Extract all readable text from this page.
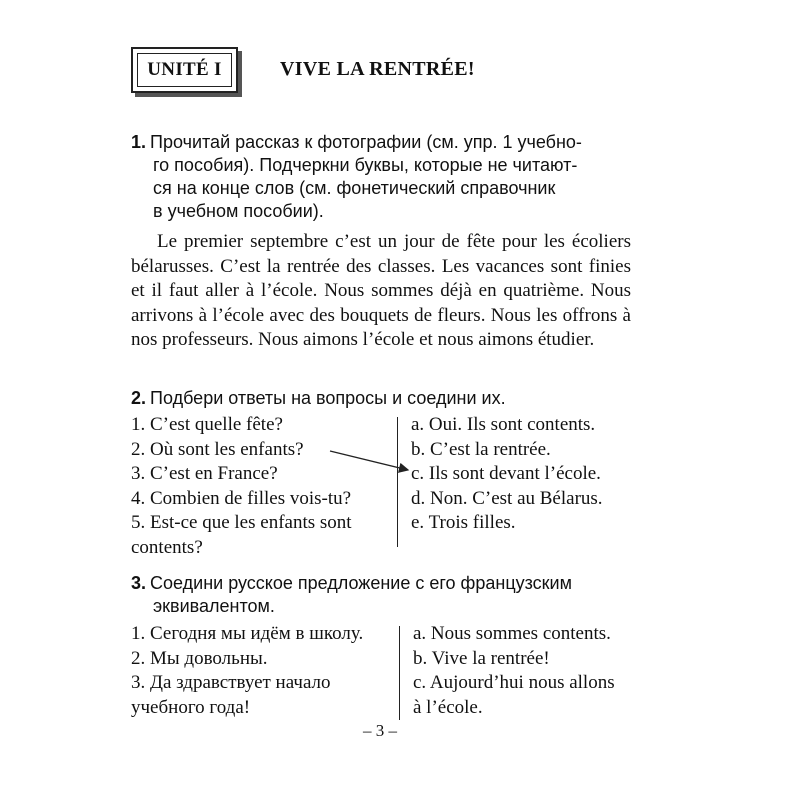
UNITÉ I	VIVE LA RENTRÉE!
1. Прочитай рассказ к фотографии (см. упр. 1 учебно-
го пособия). Подчеркни буквы, которые не читают-
ся на конце слов (см. фонетический справочник
в учебном пособии).
Le premier septembre c’est un jour de fête pour les écoliers bélarusses. C’est la rentrée des classes. Les vacances sont finies et il faut aller à l’école. Nous sommes déjà en quatrième. Nous arrivons à l’école avec des bouquets de fleurs. Nous les offrons à nos professeurs. Nous aimons l’école et nous aimons étudier.
2. Подбери ответы на вопросы и соедини их.
1. C’est quelle fête?
2. Où sont les enfants?
3. C’est en France?
4. Combien de filles vois-tu?
5. Est-ce que les enfants sont
contents?
a. Oui. Ils sont contents.
b. C’est la rentrée.
c. Ils sont devant l’école.
d. Non. C’est au Bélarus.
e. Trois filles.
3. Соедини русское предложение с его французским
эквивалентом.
1. Сегодня мы идём в школу.
2. Мы довольны.
3. Да здравствует начало
учебного года!
a. Nous sommes contents.
b. Vive la rentrée!
c. Aujourd’hui nous allons
à l’école.
– 3 –
